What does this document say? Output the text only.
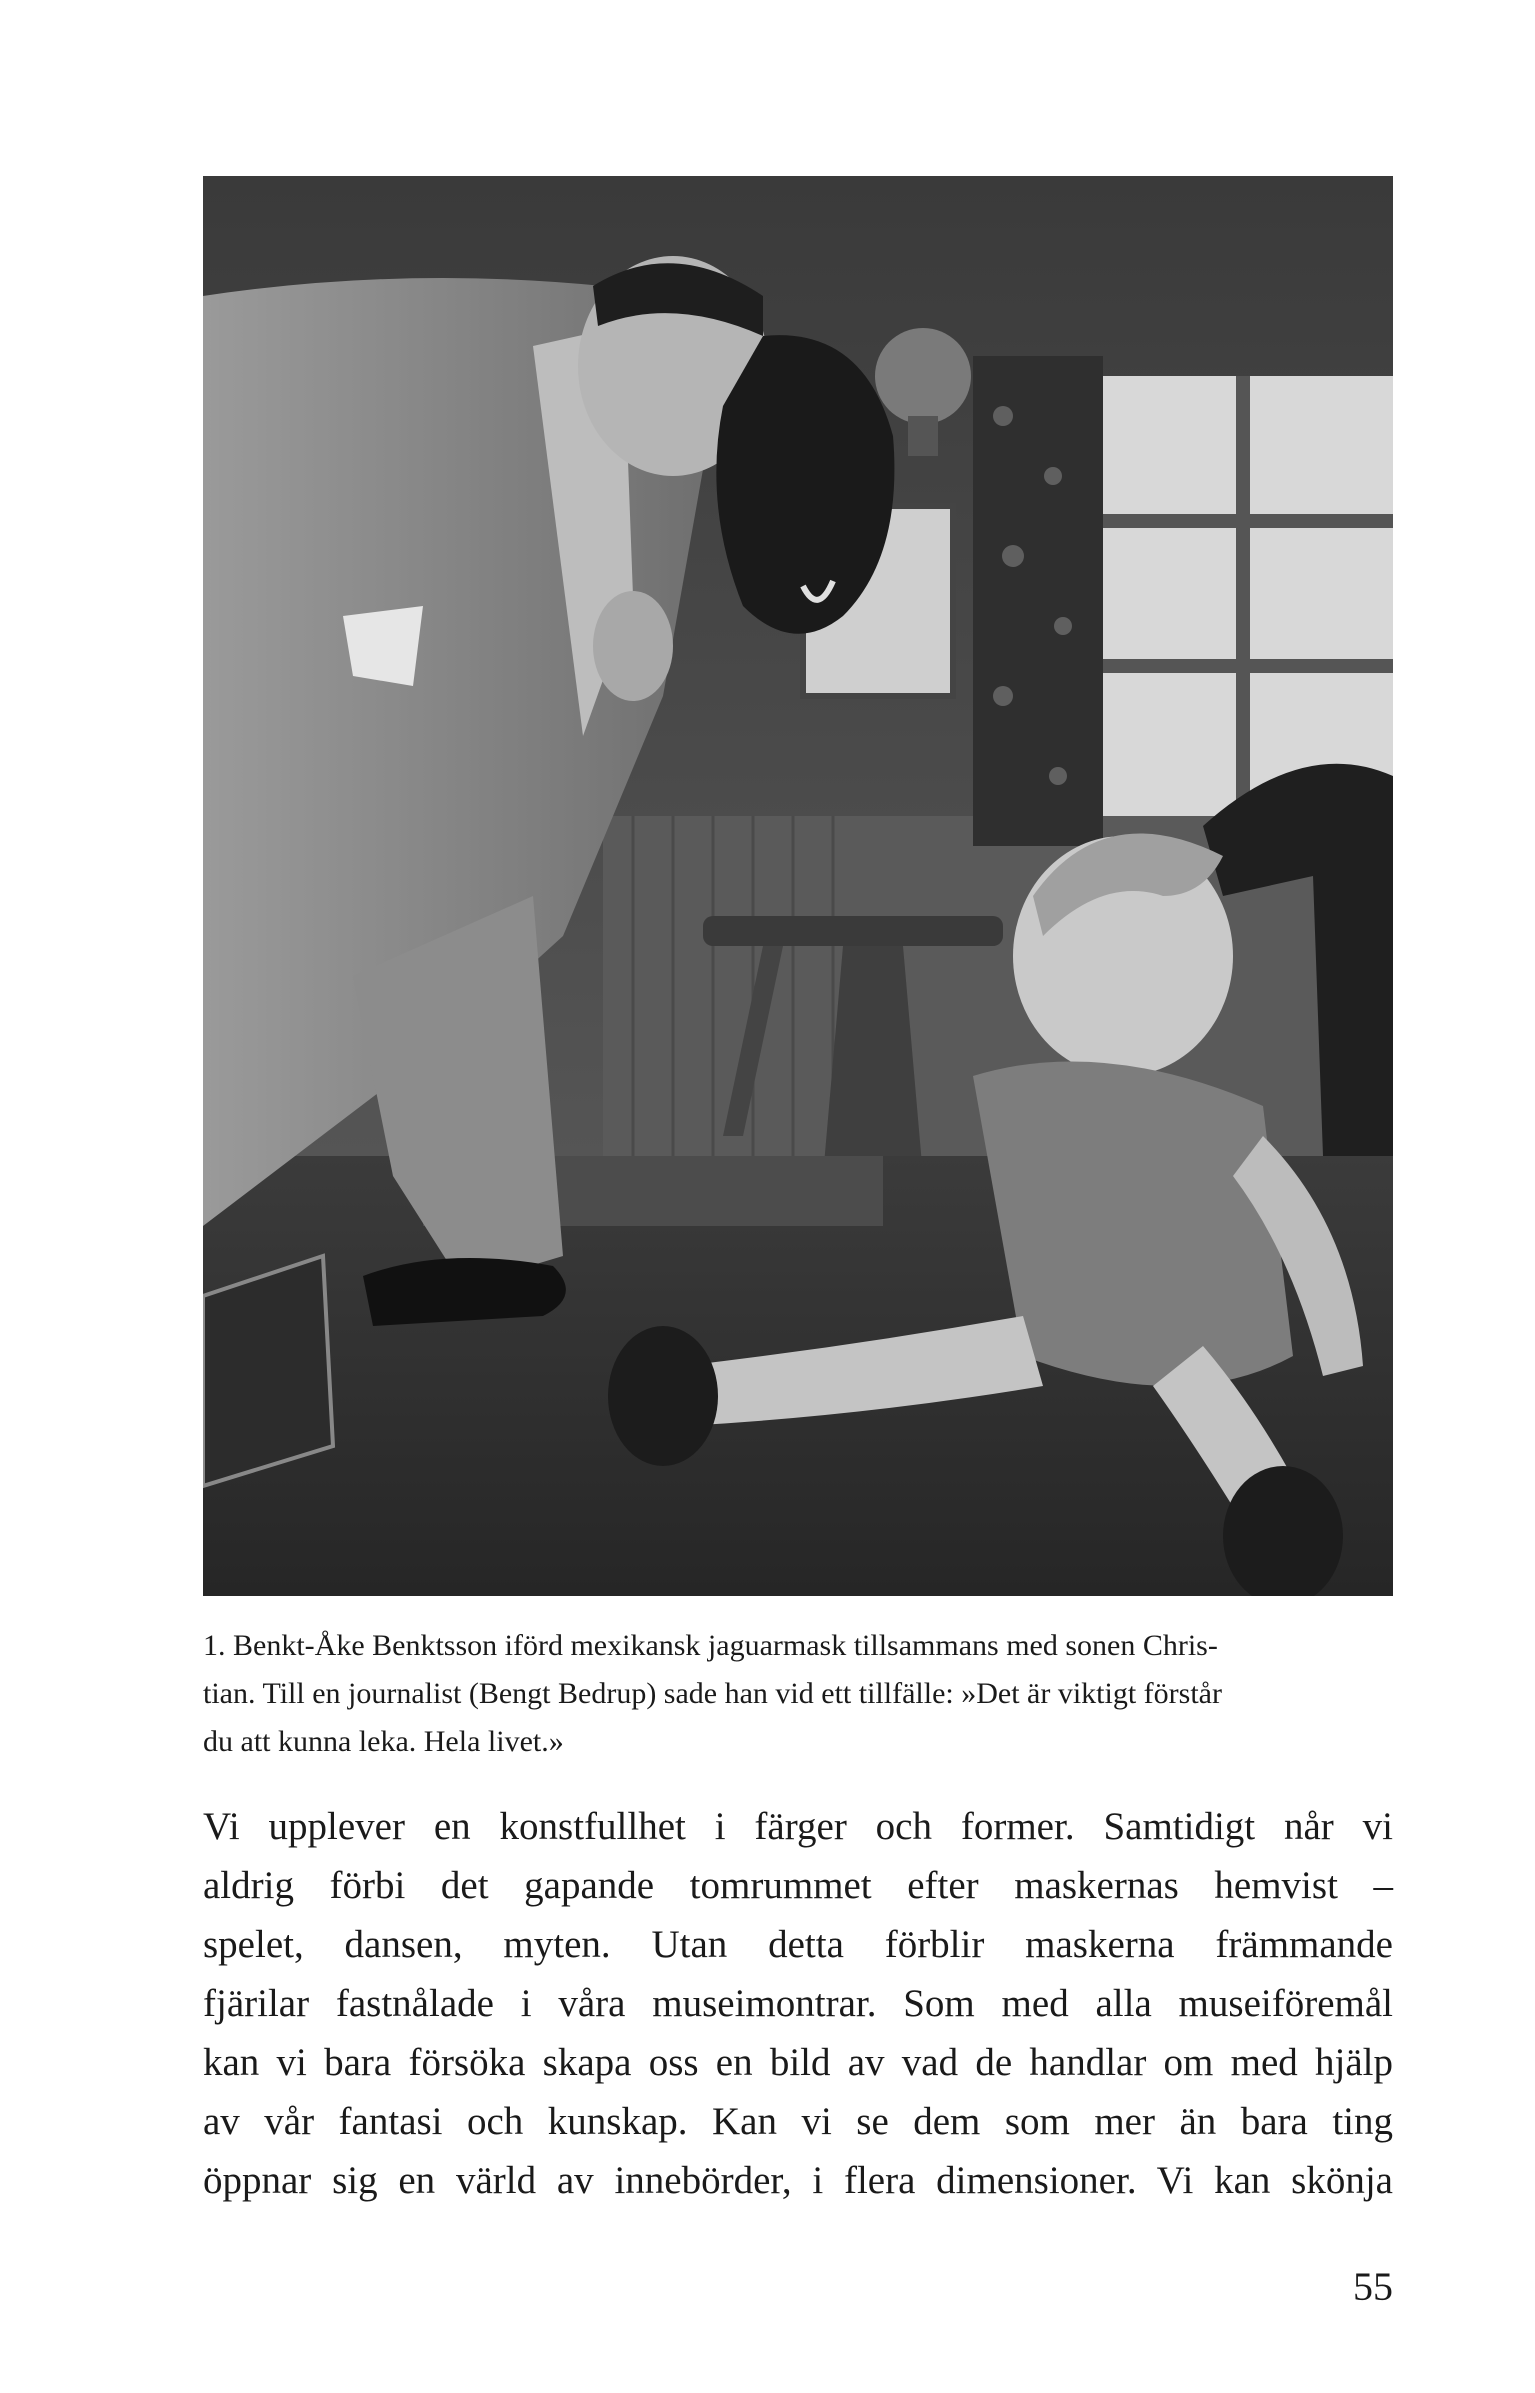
1. Benkt-Åke Benktsson iförd mexikansk jaguarmask tillsammans med sonen Chris-
tian. Till en journalist (Bengt Bedrup) sade han vid ett tillfälle: »Det är viktigt förstår
du att kunna leka. Hela livet.»

Vi upplever en konstfullhet i färger och former. Samtidigt når vi
aldrig förbi det gapande tomrummet efter maskernas hemvist –
spelet, dansen, myten. Utan detta förblir maskerna främmande
fjärilar fastnålade i våra museimontrar. Som med alla museiföremål
kan vi bara försöka skapa oss en bild av vad de handlar om med hjälp
av vår fantasi och kunskap. Kan vi se dem som mer än bara ting
öppnar sig en värld av innebörder, i flera dimensioner. Vi kan skönja

55
